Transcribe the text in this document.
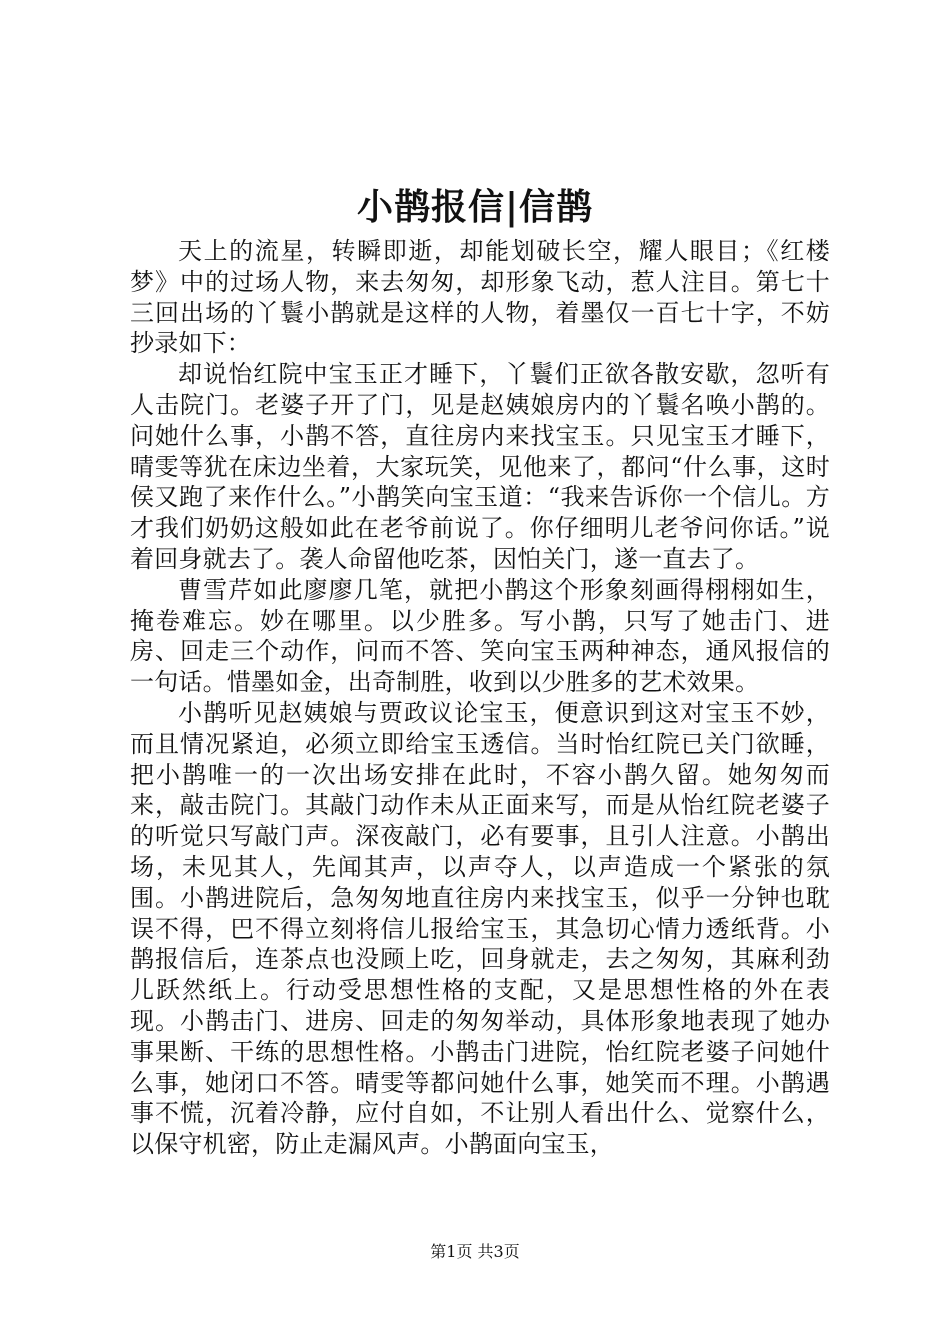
小鹊报信|信鹊

天上的流星，转瞬即逝，却能划破长空，耀人眼目；《红楼梦》中的过场人物，来去匆匆，却形象飞动，惹人注目。第七十三回出场的丫鬟小鹊就是这样的人物，着墨仅一百七十字，不妨抄录如下：

却说怡红院中宝玉正才睡下，丫鬟们正欲各散安歇，忽听有人击院门。老婆子开了门，见是赵姨娘房内的丫鬟名唤小鹊的。问她什么事，小鹊不答，直往房内来找宝玉。只见宝玉才睡下，晴雯等犹在床边坐着，大家玩笑，见他来了，都问“什么事，这时侯又跑了来作什么。”小鹊笑向宝玉道：“我来告诉你一个信儿。方才我们奶奶这般如此在老爷前说了。你仔细明儿老爷问你话。”说着回身就去了。袭人命留他吃茶，因怕关门，遂一直去了。

曹雪芹如此廖廖几笔，就把小鹊这个形象刻画得栩栩如生，掩卷难忘。妙在哪里。以少胜多。写小鹊，只写了她击门、进房、回走三个动作，问而不答、笑向宝玉两种神态，通风报信的一句话。惜墨如金，出奇制胜，收到以少胜多的艺术效果。

小鹊听见赵姨娘与贾政议论宝玉，便意识到这对宝玉不妙，而且情况紧迫，必须立即给宝玉透信。当时怡红院已关门欲睡，把小鹊唯一的一次出场安排在此时，不容小鹊久留。她匆匆而来，敲击院门。其敲门动作未从正面来写，而是从怡红院老婆子的听觉只写敲门声。深夜敲门，必有要事，且引人注意。小鹊出场，未见其人，先闻其声，以声夺人，以声造成一个紧张的氛围。小鹊进院后，急匆匆地直往房内来找宝玉，似乎一分钟也耽误不得，巴不得立刻将信儿报给宝玉，其急切心情力透纸背。小鹊报信后，连茶点也没顾上吃，回身就走，去之匆匆，其麻利劲儿跃然纸上。行动受思想性格的支配，又是思想性格的外在表现。小鹊击门、进房、回走的匆匆举动，具体形象地表现了她办事果断、干练的思想性格。小鹊击门进院，怡红院老婆子问她什么事，她闭口不答。晴雯等都问她什么事，她笑而不理。小鹊遇事不慌，沉着冷静，应付自如，不让别人看出什么、觉察什么，以保守机密，防止走漏风声。小鹊面向宝玉，

第1页 共3页
